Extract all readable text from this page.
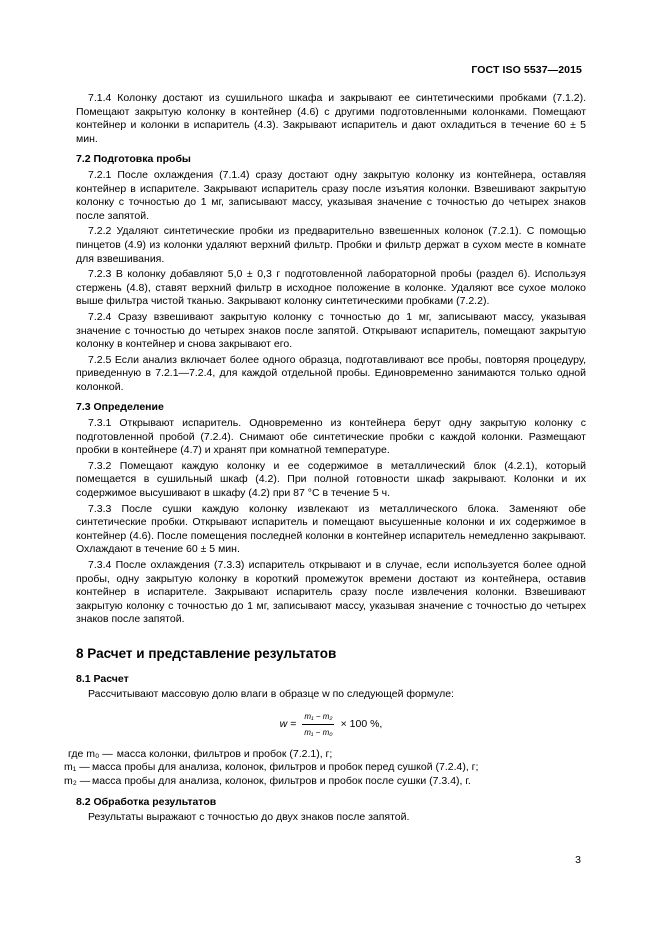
ГОСТ ISO 5537—2015

7.1.4 Колонку достают из сушильного шкафа и закрывают ее синтетическими пробками (7.1.2). Помещают закрытую колонку в контейнер (4.6) с другими подготовленными колонками. Помещают контейнер и колонки в испаритель (4.3). Закрывают испаритель и дают охладиться в течение 60 ± 5 мин.

7.2 Подготовка пробы

7.2.1 После охлаждения (7.1.4) сразу достают одну закрытую колонку из контейнера, оставляя контейнер в испарителе. Закрывают испаритель сразу после изъятия колонки. Взвешивают закрытую колонку с точностью до 1 мг, записывают массу, указывая значение с точностью до четырех знаков после запятой.

7.2.2 Удаляют синтетические пробки из предварительно взвешенных колонок (7.2.1). С помощью пинцетов (4.9) из колонки удаляют верхний фильтр. Пробки и фильтр держат в сухом месте в комнате для взвешивания.

7.2.3 В колонку добавляют 5,0 ± 0,3 г подготовленной лабораторной пробы (раздел 6). Используя стержень (4.8), ставят верхний фильтр в исходное положение в колонке. Удаляют все сухое молоко выше фильтра чистой тканью. Закрывают колонку синтетическими пробками (7.2.2).

7.2.4 Сразу взвешивают закрытую колонку с точностью до 1 мг, записывают массу, указывая значение с точностью до четырех знаков после запятой. Открывают испаритель, помещают закрытую колонку в контейнер и снова закрывают его.

7.2.5 Если анализ включает более одного образца, подготавливают все пробы, повторяя процедуру, приведенную в 7.2.1—7.2.4, для каждой отдельной пробы. Единовременно занимаются только одной колонкой.

7.3 Определение

7.3.1 Открывают испаритель. Одновременно из контейнера берут одну закрытую колонку с подготовленной пробой (7.2.4). Снимают обе синтетические пробки с каждой колонки. Размещают пробки в контейнере (4.7) и хранят при комнатной температуре.

7.3.2 Помещают каждую колонку и ее содержимое в металлический блок (4.2.1), который помещается в сушильный шкаф (4.2). При полной готовности шкаф закрывают. Колонки и их содержимое высушивают в шкафу (4.2) при 87 °C в течение 5 ч.

7.3.3 После сушки каждую колонку извлекают из металлического блока. Заменяют обе синтетические пробки. Открывают испаритель и помещают высушенные колонки и их содержимое в контейнер (4.6). После помещения последней колонки в контейнер испаритель немедленно закрывают. Охлаждают в течение 60 ± 5 мин.

7.3.4 После охлаждения (7.3.3) испаритель открывают и в случае, если используется более одной пробы, одну закрытую колонку в короткий промежуток времени достают из контейнера, оставив контейнер в испарителе. Закрывают испаритель сразу после извлечения колонки. Взвешивают закрытую колонку с точностью до 1 мг, записывают массу, указывая значение с точностью до четырех знаков после запятой.

8 Расчет и представление результатов
8.1 Расчет

Рассчитывают массовую долю влаги в образце w по следующей формуле:

$w = \frac{\text{m₁ − m₂}}{\text{m₁ − m₀}} \times 100$ %,
где m₀ — масса колонки, фильтров и пробок (7.2.1), г;
m₁ — масса пробы для анализа, колонок, фильтров и пробок перед сушкой (7.2.4), г;
m₂ — масса пробы для анализа, колонок, фильтров и пробок после сушки (7.3.4), г.
8.2 Обработка результатов

Результаты выражают с точностью до двух знаков после запятой.

3
